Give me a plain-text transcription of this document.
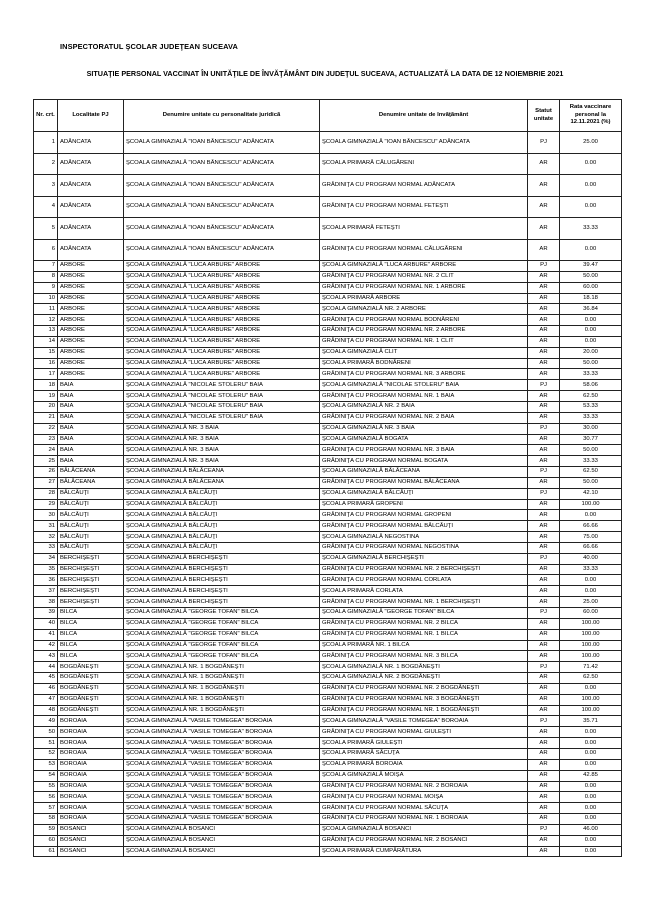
INSPECTORATUL ŞCOLAR JUDEŢEAN SUCEAVA
SITUAŢIE PERSONAL VACCINAT ÎN UNITĂŢILE DE ÎNVĂŢĂMÂNT DIN JUDEŢUL SUCEAVA, ACTUALIZATĂ LA DATA DE 12 NOIEMBRIE 2021
Nr. crt.	Localitate PJ	Denumire unitate cu personalitate juridică	Denumire unitate de învăţământ	Statut unitate	Rata vaccinare personal la 12.11.2021 (%)
1	ADÂNCATA	ŞCOALA GIMNAZIALĂ "IOAN BĂNCESCU" ADÂNCATA	ŞCOALA GIMNAZIALĂ "IOAN BĂNCESCU" ADÂNCATA	PJ	25.00
2	ADÂNCATA	ŞCOALA GIMNAZIALĂ "IOAN BĂNCESCU" ADÂNCATA	ŞCOALA PRIMARĂ CĂLUGĂRENI	AR	0.00
3	ADÂNCATA	ŞCOALA GIMNAZIALĂ "IOAN BĂNCESCU" ADÂNCATA	GRĂDINIŢA CU PROGRAM NORMAL ADÂNCATA	AR	0.00
4	ADÂNCATA	ŞCOALA GIMNAZIALĂ "IOAN BĂNCESCU" ADÂNCATA	GRĂDINIŢA CU PROGRAM NORMAL FETEŞTI	AR	0.00
5	ADÂNCATA	ŞCOALA GIMNAZIALĂ "IOAN BĂNCESCU" ADÂNCATA	ŞCOALA PRIMARĂ FETEŞTI	AR	33.33
6	ADÂNCATA	ŞCOALA GIMNAZIALĂ "IOAN BĂNCESCU" ADÂNCATA	GRĂDINIŢA CU PROGRAM NORMAL CĂLUGĂRENI	AR	0.00
7	ARBORE	ŞCOALA GIMNAZIALĂ "LUCA ARBURE" ARBORE	ŞCOALA GIMNAZIALĂ "LUCA ARBURE" ARBORE	PJ	39.47
8	ARBORE	ŞCOALA GIMNAZIALĂ "LUCA ARBURE" ARBORE	GRĂDINIŢA CU PROGRAM NORMAL NR. 2 CLIT	AR	50.00
9	ARBORE	ŞCOALA GIMNAZIALĂ "LUCA ARBURE" ARBORE	GRĂDINIŢA CU PROGRAM NORMAL NR. 1 ARBORE	AR	60.00
10	ARBORE	ŞCOALA GIMNAZIALĂ "LUCA ARBURE" ARBORE	ŞCOALA PRIMARĂ ARBORE	AR	18.18
11	ARBORE	ŞCOALA GIMNAZIALĂ "LUCA ARBURE" ARBORE	ŞCOALA GIMNAZIALĂ NR. 2 ARBORE	AR	36.84
12	ARBORE	ŞCOALA GIMNAZIALĂ "LUCA ARBURE" ARBORE	GRĂDINIŢA CU PROGRAM NORMAL BODNĂRENI	AR	0.00
13	ARBORE	ŞCOALA GIMNAZIALĂ "LUCA ARBURE" ARBORE	GRĂDINIŢA CU PROGRAM NORMAL NR. 2 ARBORE	AR	0.00
14	ARBORE	ŞCOALA GIMNAZIALĂ "LUCA ARBURE" ARBORE	GRĂDINIŢA CU PROGRAM NORMAL NR. 1 CLIT	AR	0.00
15	ARBORE	ŞCOALA GIMNAZIALĂ "LUCA ARBURE" ARBORE	ŞCOALA GIMNAZIALĂ CLIT	AR	20.00
16	ARBORE	ŞCOALA GIMNAZIALĂ "LUCA ARBURE" ARBORE	ŞCOALA PRIMARĂ BODNĂRENI	AR	50.00
17	ARBORE	ŞCOALA GIMNAZIALĂ "LUCA ARBURE" ARBORE	GRĂDINIŢA CU PROGRAM NORMAL NR. 3 ARBORE	AR	33.33
18	BAIA	ŞCOALA GIMNAZIALĂ "NICOLAE STOLERU" BAIA	ŞCOALA GIMNAZIALĂ "NICOLAE STOLERU" BAIA	PJ	58.06
19	BAIA	ŞCOALA GIMNAZIALĂ "NICOLAE STOLERU" BAIA	GRĂDINIŢA CU PROGRAM NORMAL NR. 1 BAIA	AR	62.50
20	BAIA	ŞCOALA GIMNAZIALĂ "NICOLAE STOLERU" BAIA	ŞCOALA GIMNAZIALĂ NR. 2 BAIA	AR	53.33
21	BAIA	ŞCOALA GIMNAZIALĂ "NICOLAE STOLERU" BAIA	GRĂDINIŢA CU PROGRAM NORMAL NR. 2 BAIA	AR	33.33
22	BAIA	ŞCOALA GIMNAZIALĂ NR. 3 BAIA	ŞCOALA GIMNAZIALĂ NR. 3 BAIA	PJ	30.00
23	BAIA	ŞCOALA GIMNAZIALĂ NR. 3 BAIA	ŞCOALA GIMNAZIALĂ BOGATA	AR	30.77
24	BAIA	ŞCOALA GIMNAZIALĂ NR. 3 BAIA	GRĂDINIŢA CU PROGRAM NORMAL NR. 3 BAIA	AR	50.00
25	BAIA	ŞCOALA GIMNAZIALĂ NR. 3 BAIA	GRĂDINIŢA CU PROGRAM NORMAL BOGATA	AR	33.33
26	BĂLĂCEANA	ŞCOALA GIMNAZIALĂ BĂLĂCEANA	ŞCOALA GIMNAZIALĂ BĂLĂCEANA	PJ	62.50
27	BĂLĂCEANA	ŞCOALA GIMNAZIALĂ BĂLĂCEANA	GRĂDINIŢA CU PROGRAM NORMAL BĂLĂCEANA	AR	50.00
28	BĂLCĂUŢI	ŞCOALA GIMNAZIALĂ BĂLCĂUŢI	ŞCOALA GIMNAZIALĂ BĂLCĂUŢI	PJ	42.10
29	BĂLCĂUŢI	ŞCOALA GIMNAZIALĂ BĂLCĂUŢI	ŞCOALA PRIMARĂ GROPENI	AR	100.00
30	BĂLCĂUŢI	ŞCOALA GIMNAZIALĂ BĂLCĂUŢI	GRĂDINIŢA CU PROGRAM NORMAL GROPENI	AR	0.00
31	BĂLCĂUŢI	ŞCOALA GIMNAZIALĂ BĂLCĂUŢI	GRĂDINIŢA CU PROGRAM NORMAL BĂLCĂUŢI	AR	66.66
32	BĂLCĂUŢI	ŞCOALA GIMNAZIALĂ BĂLCĂUŢI	ŞCOALA GIMNAZIALĂ NEGOSTINA	AR	75.00
33	BĂLCĂUŢI	ŞCOALA GIMNAZIALĂ BĂLCĂUŢI	GRĂDINIŢA CU PROGRAM NORMAL NEGOSTINA	AR	66.66
34	BERCHIŞEŞTI	ŞCOALA GIMNAZIALĂ BERCHIŞEŞTI	ŞCOALA GIMNAZIALĂ BERCHIŞEŞTI	PJ	40.00
35	BERCHIŞEŞTI	ŞCOALA GIMNAZIALĂ BERCHIŞEŞTI	GRĂDINIŢA CU PROGRAM NORMAL NR. 2 BERCHIŞEŞTI	AR	33.33
36	BERCHIŞEŞTI	ŞCOALA GIMNAZIALĂ BERCHIŞEŞTI	GRĂDINIŢA CU PROGRAM NORMAL CORLATA	AR	0.00
37	BERCHIŞEŞTI	ŞCOALA GIMNAZIALĂ BERCHIŞEŞTI	ŞCOALA PRIMARĂ CORLATA	AR	0.00
38	BERCHIŞEŞTI	ŞCOALA GIMNAZIALĂ BERCHIŞEŞTI	GRĂDINIŢA CU PROGRAM NORMAL NR. 1 BERCHIŞEŞTI	AR	25.00
39	BILCA	ŞCOALA GIMNAZIALĂ "GEORGE TOFAN" BILCA	ŞCOALA GIMNAZIALĂ "GEORGE TOFAN" BILCA	PJ	60.00
40	BILCA	ŞCOALA GIMNAZIALĂ "GEORGE TOFAN" BILCA	GRĂDINIŢA CU PROGRAM NORMAL NR. 2 BILCA	AR	100.00
41	BILCA	ŞCOALA GIMNAZIALĂ "GEORGE TOFAN" BILCA	GRĂDINIŢA CU PROGRAM NORMAL NR. 1 BILCA	AR	100.00
42	BILCA	ŞCOALA GIMNAZIALĂ "GEORGE TOFAN" BILCA	ŞCOALA PRIMARĂ NR. 1 BILCA	AR	100.00
43	BILCA	ŞCOALA GIMNAZIALĂ "GEORGE TOFAN" BILCA	GRĂDINIŢA CU PROGRAM NORMAL NR. 3 BILCA	AR	100.00
44	BOGDĂNEŞTI	ŞCOALA GIMNAZIALĂ NR. 1 BOGDĂNEŞTI	ŞCOALA GIMNAZIALĂ NR. 1 BOGDĂNEŞTI	PJ	71.42
45	BOGDĂNEŞTI	ŞCOALA GIMNAZIALĂ NR. 1 BOGDĂNEŞTI	ŞCOALA GIMNAZIALĂ NR. 2 BOGDĂNEŞTI	AR	62.50
46	BOGDĂNEŞTI	ŞCOALA GIMNAZIALĂ NR. 1 BOGDĂNEŞTI	GRĂDINIŢA CU PROGRAM NORMAL NR. 2 BOGDĂNEŞTI	AR	0.00
47	BOGDĂNEŞTI	ŞCOALA GIMNAZIALĂ NR. 1 BOGDĂNEŞTI	GRĂDINIŢA CU PROGRAM NORMAL NR. 3 BOGDĂNEŞTI	AR	100.00
48	BOGDĂNEŞTI	ŞCOALA GIMNAZIALĂ NR. 1 BOGDĂNEŞTI	GRĂDINIŢA CU PROGRAM NORMAL NR. 1 BOGDĂNEŞTI	AR	100.00
49	BOROAIA	ŞCOALA GIMNAZIALĂ "VASILE TOMEGEA" BOROAIA	ŞCOALA GIMNAZIALĂ "VASILE TOMEGEA" BOROAIA	PJ	35.71
50	BOROAIA	ŞCOALA GIMNAZIALĂ "VASILE TOMEGEA" BOROAIA	GRĂDINIŢA CU PROGRAM NORMAL GIULEŞTI	AR	0.00
51	BOROAIA	ŞCOALA GIMNAZIALĂ "VASILE TOMEGEA" BOROAIA	ŞCOALA PRIMARĂ GIULEŞTI	AR	0.00
52	BOROAIA	ŞCOALA GIMNAZIALĂ "VASILE TOMEGEA" BOROAIA	ŞCOALA PRIMARĂ SĂCUŢA	AR	0.00
53	BOROAIA	ŞCOALA GIMNAZIALĂ "VASILE TOMEGEA" BOROAIA	ŞCOALA PRIMARĂ BOROAIA	AR	0.00
54	BOROAIA	ŞCOALA GIMNAZIALĂ "VASILE TOMEGEA" BOROAIA	ŞCOALA GIMNAZIALĂ MOIŞA	AR	42.85
55	BOROAIA	ŞCOALA GIMNAZIALĂ "VASILE TOMEGEA" BOROAIA	GRĂDINIŢA CU PROGRAM NORMAL NR. 2 BOROAIA	AR	0.00
56	BOROAIA	ŞCOALA GIMNAZIALĂ "VASILE TOMEGEA" BOROAIA	GRĂDINIŢA CU PROGRAM NORMAL MOIŞA	AR	0.00
57	BOROAIA	ŞCOALA GIMNAZIALĂ "VASILE TOMEGEA" BOROAIA	GRĂDINIŢA CU PROGRAM NORMAL SĂCUŢA	AR	0.00
58	BOROAIA	ŞCOALA GIMNAZIALĂ "VASILE TOMEGEA" BOROAIA	GRĂDINIŢA CU PROGRAM NORMAL NR. 1 BOROAIA	AR	0.00
59	BOSANCI	ŞCOALA GIMNAZIALĂ BOSANCI	ŞCOALA GIMNAZIALĂ BOSANCI	PJ	46.00
60	BOSANCI	ŞCOALA GIMNAZIALĂ BOSANCI	GRĂDINIŢA CU PROGRAM NORMAL NR. 2 BOSANCI	AR	0.00
61	BOSANCI	ŞCOALA GIMNAZIALĂ BOSANCI	ŞCOALA PRIMARĂ CUMPĂRĂTURA	AR	0.00
